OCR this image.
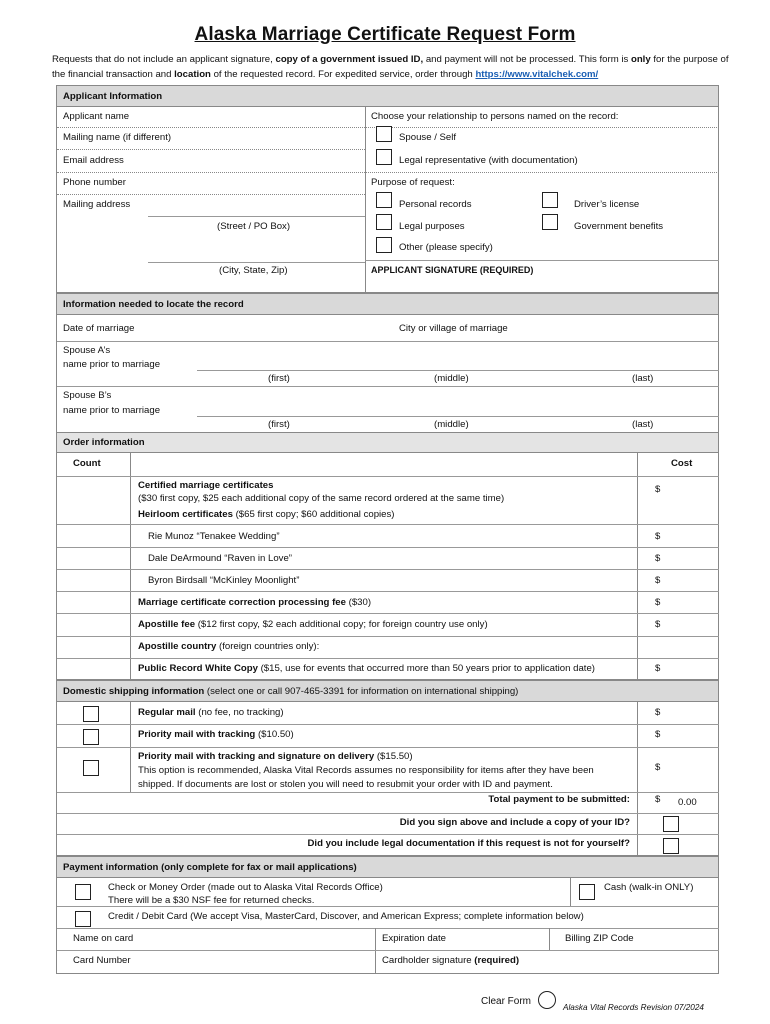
Alaska Marriage Certificate Request Form
Requests that do not include an applicant signature, copy of a government issued ID, and payment will not be processed. This form is only for the purpose of the financial transaction and location of the requested record. For expedited service, order through https://www.vitalchek.com/
Applicant Information
Applicant name
Mailing name (if different)
Email address
Phone number
Mailing address
(Street / PO Box)
(City, State, Zip)
Choose your relationship to persons named on the record:
Spouse / Self
Legal representative (with documentation)
Purpose of request:
Personal records	Driver’s license
Legal purposes	Government benefits
Other (please specify)
APPLICANT SIGNATURE (REQUIRED)
Information needed to locate the record
Date of marriage	City or village of marriage
Spouse A’s
name prior to marriage
(first)	(middle)	(last)
Spouse B’s
name prior to marriage
(first)	(middle)	(last)
Order information
Count	Cost
Certified marriage certificates
($30 first copy, $25 each additional copy of the same record ordered at the same time)
Heirloom certificates ($65 first copy; $60 additional copies)
$
Rie Munoz “Tenakee Wedding”	$
Dale DeArmound “Raven in Love”	$
Byron Birdsall “McKinley Moonlight”	$
Marriage certificate correction processing fee ($30)	$
Apostille fee ($12 first copy, $2 each additional copy; for foreign country use only)	$
Apostille country (foreign countries only):
Public Record White Copy ($15, use for events that occurred more than 50 years prior to application date)	$
Domestic shipping information
(select one or call 907-465-3391 for information on international shipping)
Regular mail (no fee, no tracking)	$
Priority mail with tracking ($10.50)	$
Priority mail with tracking and signature on delivery ($15.50)
This option is recommended, Alaska Vital Records assumes no responsibility for items after they have been
shipped. If documents are lost or stolen you will need to resubmit your order with ID and payment.
$
Total payment to be submitted:	$ 0.00
Did you sign above and include a copy of your ID?
Did you include legal documentation if this request is not for yourself?
Payment information (only complete for fax or mail applications)
Check or Money Order (made out to Alaska Vital Records Office)
There will be a $30 NSF fee for returned checks.
Cash (walk-in ONLY)
Credit / Debit Card (We accept Visa, MasterCard, Discover, and American Express; complete information below)
Name on card	Expiration date	Billing ZIP Code
Card Number	Cardholder signature (required)
Clear Form
Alaska Vital Records Revision 07/2024
